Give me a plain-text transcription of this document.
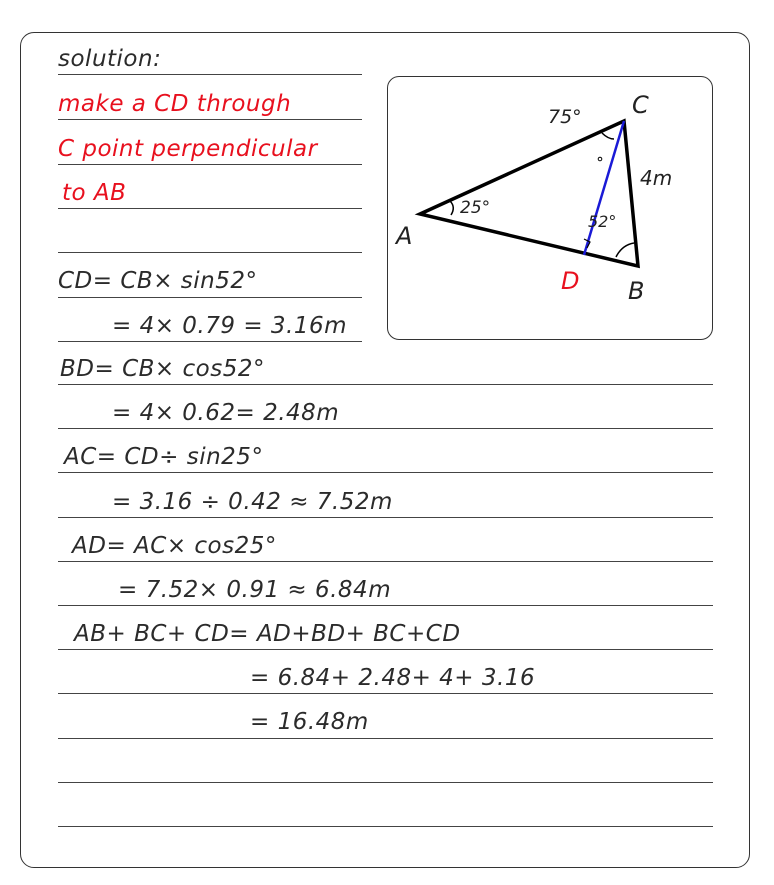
solution:
make a CD through
C point perpendicular
to AB
CD= CB× sin52°
= 4× 0.79 = 3.16m
BD= CB× cos52°
= 4× 0.62= 2.48m
AC= CD÷ sin25°
= 3.16 ÷ 0.42 ≈ 7.52m
AD= AC× cos25°
= 7.52× 0.91 ≈ 6.84m
AB+ BC+ CD= AD+BD+ BC+CD
= 6.84+ 2.48+ 4+ 3.16
= 16.48m
A
B
C
D
75°
25°
52°
4m
